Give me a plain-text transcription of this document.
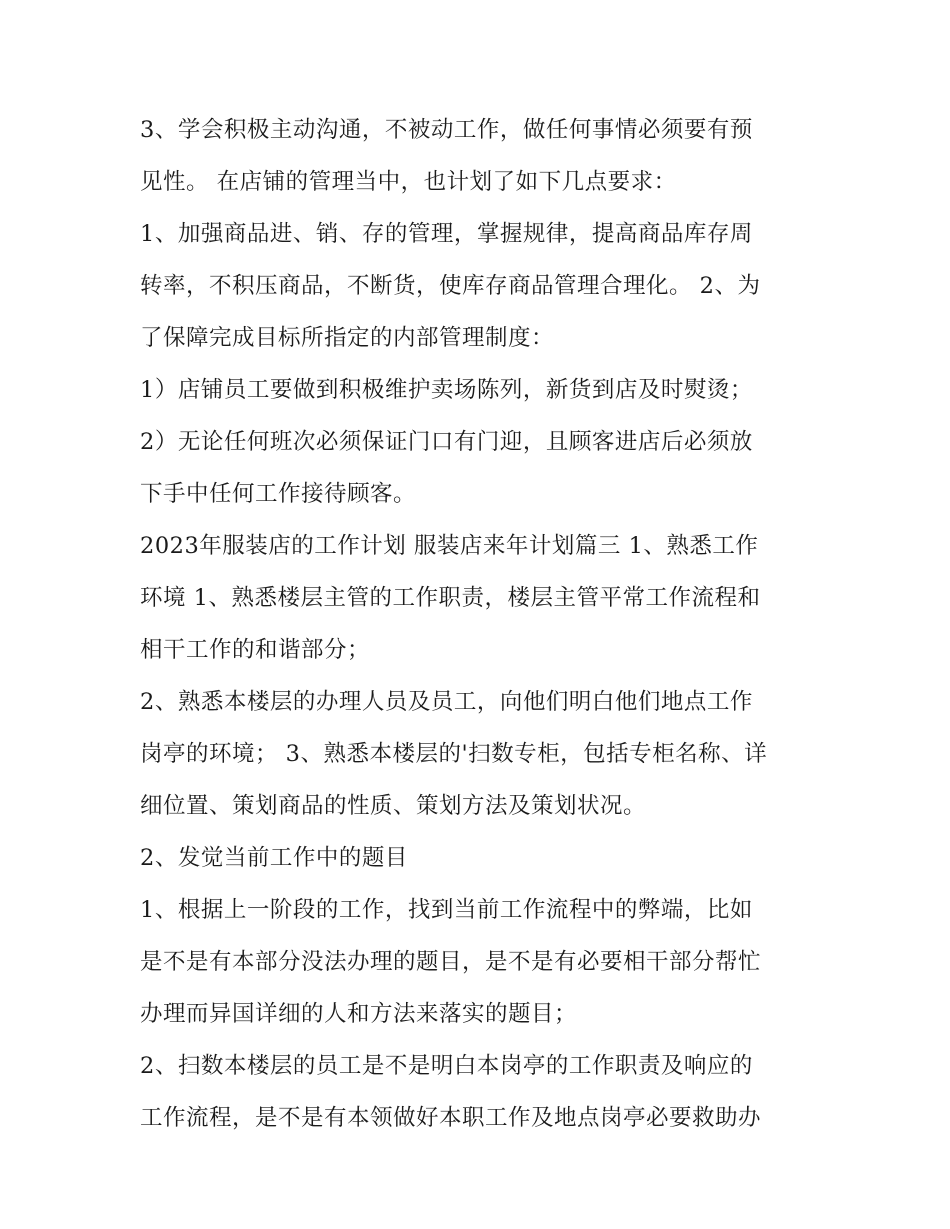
3、学会积极主动沟通，不被动工作，做任何事情必须要有预
见性。 在店铺的管理当中，也计划了如下几点要求：
1、加强商品进、销、存的管理，掌握规律，提高商品库存周
转率，不积压商品，不断货，使库存商品管理合理化。 2、为
了保障完成目标所指定的内部管理制度：
1）店铺员工要做到积极维护卖场陈列，新货到店及时熨烫；
2）无论任何班次必须保证门口有门迎，且顾客进店后必须放
下手中任何工作接待顾客。
2023年服装店的工作计划 服装店来年计划篇三 1、熟悉工作
环境 1、熟悉楼层主管的工作职责，楼层主管平常工作流程和
相干工作的和谐部分；
2、熟悉本楼层的办理人员及员工，向他们明白他们地点工作
岗亭的环境； 3、熟悉本楼层的'扫数专柜，包括专柜名称、详
细位置、策划商品的性质、策划方法及策划状况。
2、发觉当前工作中的题目
1、根据上一阶段的工作，找到当前工作流程中的弊端，比如
是不是有本部分没法办理的题目，是不是有必要相干部分帮忙
办理而异国详细的人和方法来落实的题目；
2、扫数本楼层的员工是不是明白本岗亭的工作职责及响应的
工作流程，是不是有本领做好本职工作及地点岗亭必要救助办
